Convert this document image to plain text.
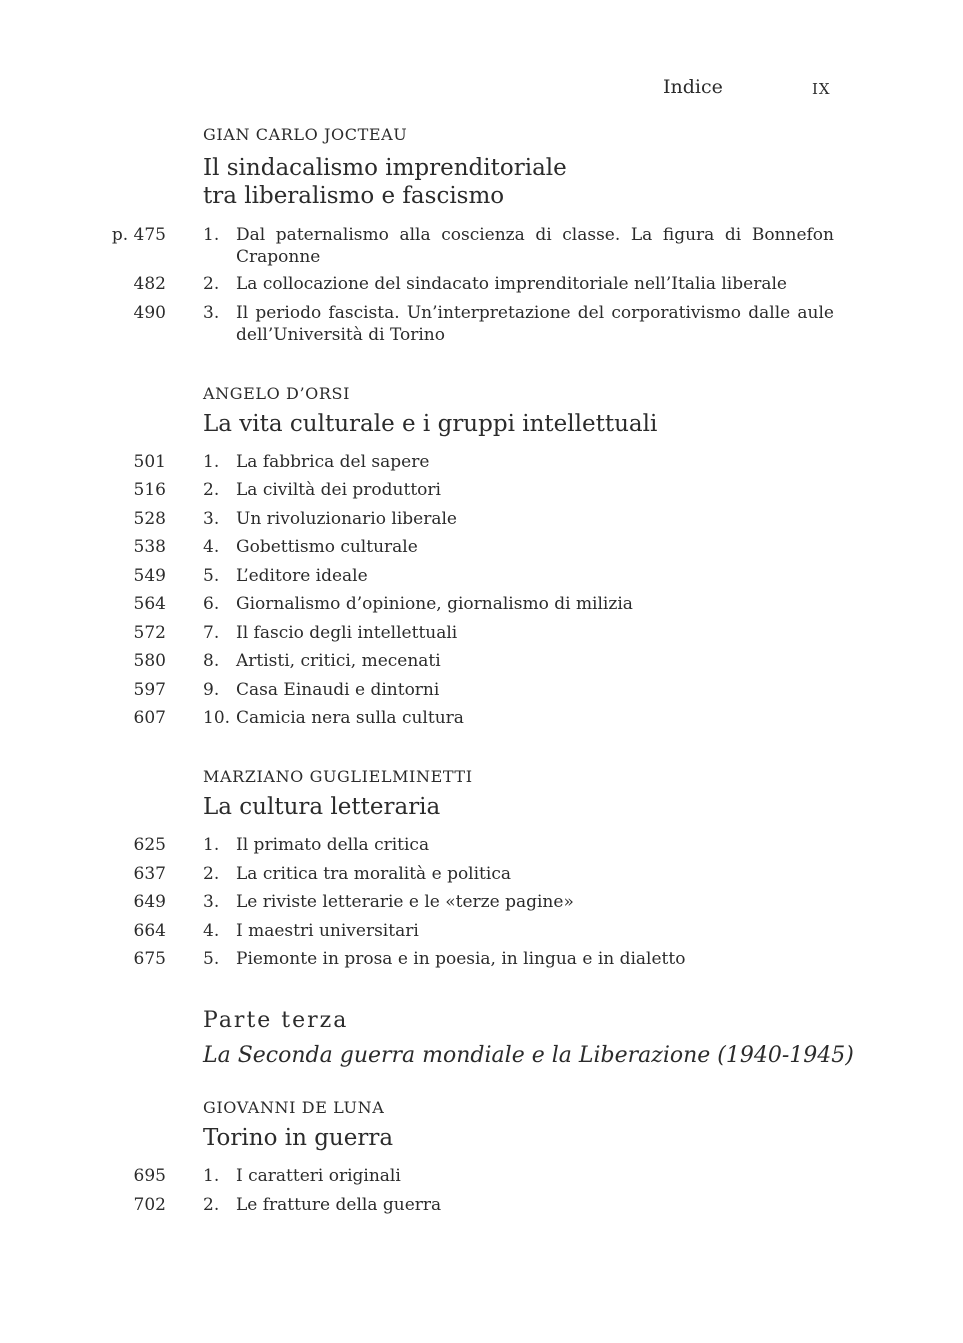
Indice	IX
GIAN CARLO JOCTEAU
Il sindacalismo imprenditoriale
tra liberalismo e fascismo
p. 475 1. Dal paternalismo alla coscienza di classe. La figura di Bonnefon Craponne
482 2. La collocazione del sindacato imprenditoriale nell’Italia liberale
490 3. Il periodo fascista. Un’interpretazione del corporativismo dalle aule dell’Università di Torino
ANGELO D’ORSI
La vita culturale e i gruppi intellettuali
501 1. La fabbrica del sapere
516 2. La civiltà dei produttori
528 3. Un rivoluzionario liberale
538 4. Gobettismo culturale
549 5. L’editore ideale
564 6. Giornalismo d’opinione, giornalismo di milizia
572 7. Il fascio degli intellettuali
580 8. Artisti, critici, mecenati
597 9. Casa Einaudi e dintorni
607 10. Camicia nera sulla cultura
MARZIANO GUGLIELMINETTI
La cultura letteraria
625 1. Il primato della critica
637 2. La critica tra moralità e politica
649 3. Le riviste letterarie e le «terze pagine»
664 4. I maestri universitari
675 5. Piemonte in prosa e in poesia, in lingua e in dialetto
Parte terza
La Seconda guerra mondiale e la Liberazione (1940-1945)
GIOVANNI DE LUNA
Torino in guerra
695 1. I caratteri originali
702 2. Le fratture della guerra
